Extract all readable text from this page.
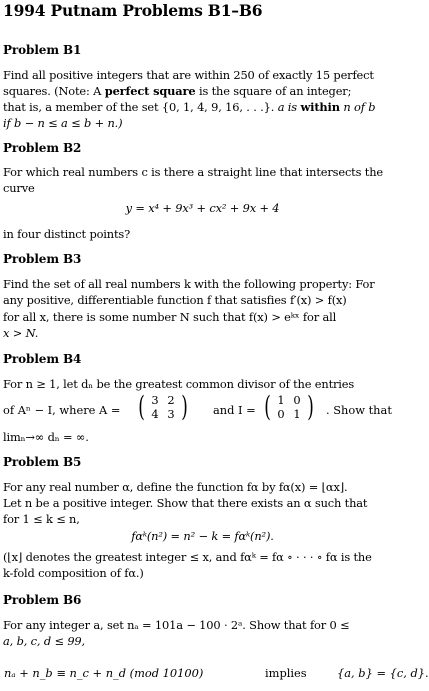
1994 Putnam Problems B1–B6
Problem B1
Find all positive integers that are within 250 of exactly 15 perfect
squares. (Note: A perfect square is the square of an integer;
that is, a member of the set {0, 1, 4, 9, 16, . . .}. a is within n of b
if b − n ≤ a ≤ b + n.)
Problem B2
For which real numbers c is there a straight line that intersects the
curve
y = x⁴ + 9x³ + cx² + 9x + 4
in four distinct points?
Problem B3
Find the set of all real numbers k with the following property: For
any positive, differentiable function f that satisfies f′(x) > f(x)
for all x, there is some number N such that f(x) > eᵏˣ for all
x > N.
Problem B4
For n ≥ 1, let dₙ be the greatest common divisor of the entries
of Aⁿ − I, where A = ( 3 2
4 3 ) and I = ( 1 0
0 1 ) . Show that
limₙ→∞ dₙ = ∞.
Problem B5
For any real number α, define the function fα by fα(x) = ⌊αx⌋.
Let n be a positive integer. Show that there exists an α such that
for 1 ≤ k ≤ n,
fαᵏ(n²) = n² − k = fαᵏ(n²).
(⌊x⌋ denotes the greatest integer ≤ x, and fαᵏ = fα ∘ · · · ∘ fα is the
k-fold composition of fα.)
Problem B6
For any integer a, set nₐ = 101a − 100 · 2ᵃ. Show that for 0 ≤
a, b, c, d ≤ 99,
nₐ + n_b ≡ n_c + n_d (mod 10100)	implies	{a, b} = {c, d}.
